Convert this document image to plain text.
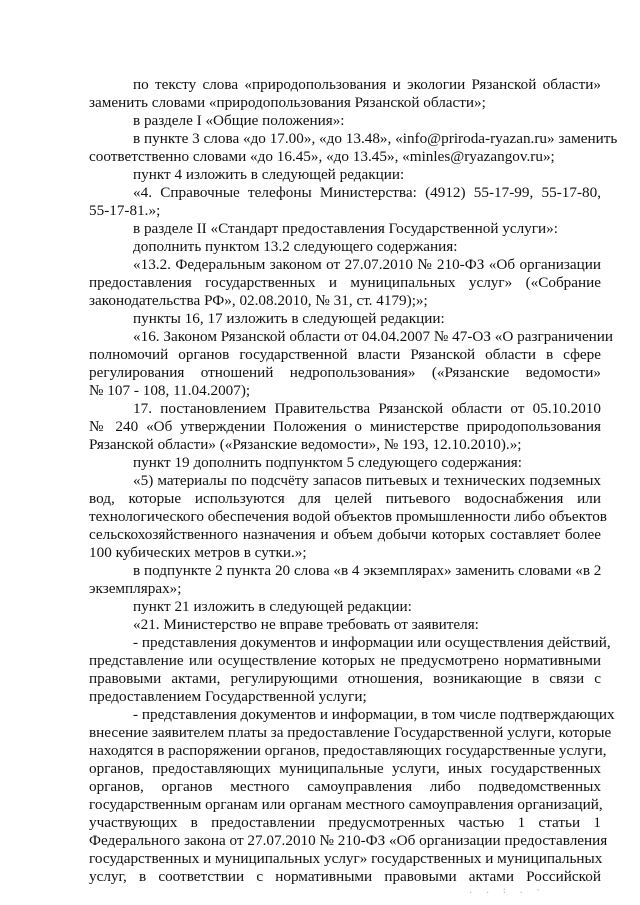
по тексту слова «природопользования и экологии Рязанской области»
заменить словами «природопользования Рязанской области»;
в разделе I «Общие положения»:
в пункте 3 слова «до 17.00», «до 13.48», «info@priroda-ryazan.ru» заменить
соответственно словами «до 16.45», «до 13.45», «minles@ryazangov.ru»;
пункт 4 изложить в следующей редакции:
«4. Справочные телефоны Министерства: (4912) 55-17-99, 55-17-80,
55-17-81.»;
в разделе II «Стандарт предоставления Государственной услуги»:
дополнить пунктом 13.2 следующего содержания:
«13.2. Федеральным законом от 27.07.2010 № 210-ФЗ «Об организации
предоставления государственных и муниципальных услуг» («Собрание
законодательства РФ», 02.08.2010, № 31, ст. 4179);»;
пункты 16, 17 изложить в следующей редакции:
«16. Законом Рязанской области от 04.04.2007 № 47-ОЗ «О разграничении
полномочий органов государственной власти Рязанской области в сфере
регулирования отношений недропользования» («Рязанские ведомости»
№ 107 - 108, 11.04.2007);
17. постановлением Правительства Рязанской области от 05.10.2010
№ 240 «Об утверждении Положения о министерстве природопользования
Рязанской области» («Рязанские ведомости», № 193, 12.10.2010).»;
пункт 19 дополнить подпунктом 5 следующего содержания:
«5) материалы по подсчёту запасов питьевых и технических подземных
вод, которые используются для целей питьевого водоснабжения или
технологического обеспечения водой объектов промышленности либо объектов
сельскохозяйственного назначения и объем добычи которых составляет более
100 кубических метров в сутки.»;
в подпункте 2 пункта 20 слова «в 4 экземплярах» заменить словами «в 2
экземплярах»;
пункт 21 изложить в следующей редакции:
«21. Министерство не вправе требовать от заявителя:
- представления документов и информации или осуществления действий,
представление или осуществление которых не предусмотрено нормативными
правовыми актами, регулирующими отношения, возникающие в связи с
предоставлением Государственной услуги;
- представления документов и информации, в том числе подтверждающих
внесение заявителем платы за предоставление Государственной услуги, которые
находятся в распоряжении органов, предоставляющих государственные услуги,
органов, предоставляющих муниципальные услуги, иных государственных
органов, органов местного самоуправления либо подведомственных
государственным органам или органам местного самоуправления организаций,
участвующих в предоставлении предусмотренных частью 1 статьи 1
Федерального закона от 27.07.2010 № 210-ФЗ «Об организации предоставления
государственных и муниципальных услуг» государственных и муниципальных
услуг, в соответствии с нормативными правовыми актами Российской
. . : . ·
